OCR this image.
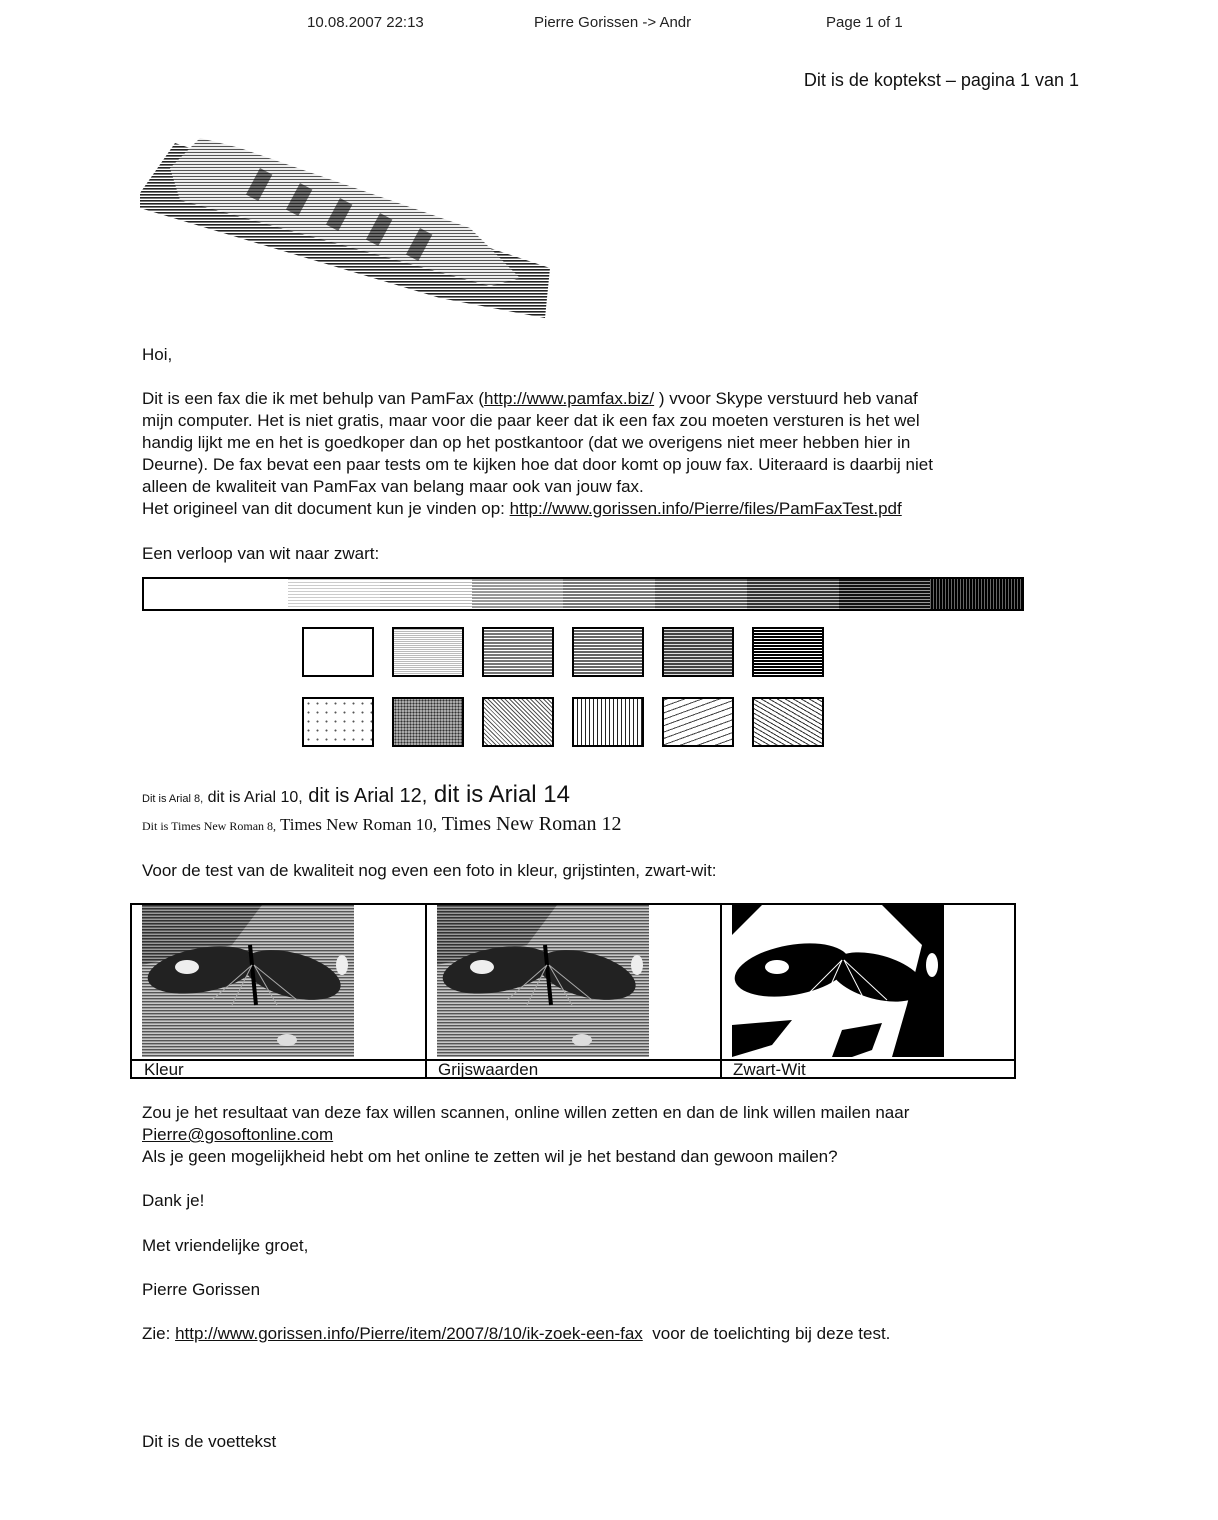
10.08.2007 22:13	Pierre Gorissen -> Andr	Page 1 of 1
Dit is de koptekst – pagina 1 van 1
Hoi,
Dit is een fax die ik met behulp van PamFax (http://www.pamfax.biz/ ) vvoor Skype verstuurd heb vanaf
mijn computer. Het is niet gratis, maar voor die paar keer dat ik een fax zou moeten versturen is het wel
handig lijkt me en het is goedkoper dan op het postkantoor (dat we overigens niet meer hebben hier in
Deurne). De fax bevat een paar tests om te kijken hoe dat door komt op jouw fax. Uiteraard is daarbij niet
alleen de kwaliteit van PamFax van belang maar ook van jouw fax.
Het origineel van dit document kun je vinden op: http://www.gorissen.info/Pierre/files/PamFaxTest.pdf
Een verloop van wit naar zwart:
Dit is Arial 8, dit is Arial 10, dit is Arial 12, dit is Arial 14
Dit is Times New Roman 8, Times New Roman 10, Times New Roman 12
Voor de test van de kwaliteit nog even een foto in kleur, grijstinten, zwart-wit:
Kleur	Grijswaarden	Zwart-Wit
Zou je het resultaat van deze fax willen scannen, online willen zetten en dan de link willen mailen naar
Pierre@gosoftonline.com
Als je geen mogelijkheid hebt om het online te zetten wil je het bestand dan gewoon mailen?
Dank je!
Met vriendelijke groet,
Pierre Gorissen
Zie: http://www.gorissen.info/Pierre/item/2007/8/10/ik-zoek-een-fax  voor de toelichting bij deze test.
Dit is de voettekst
